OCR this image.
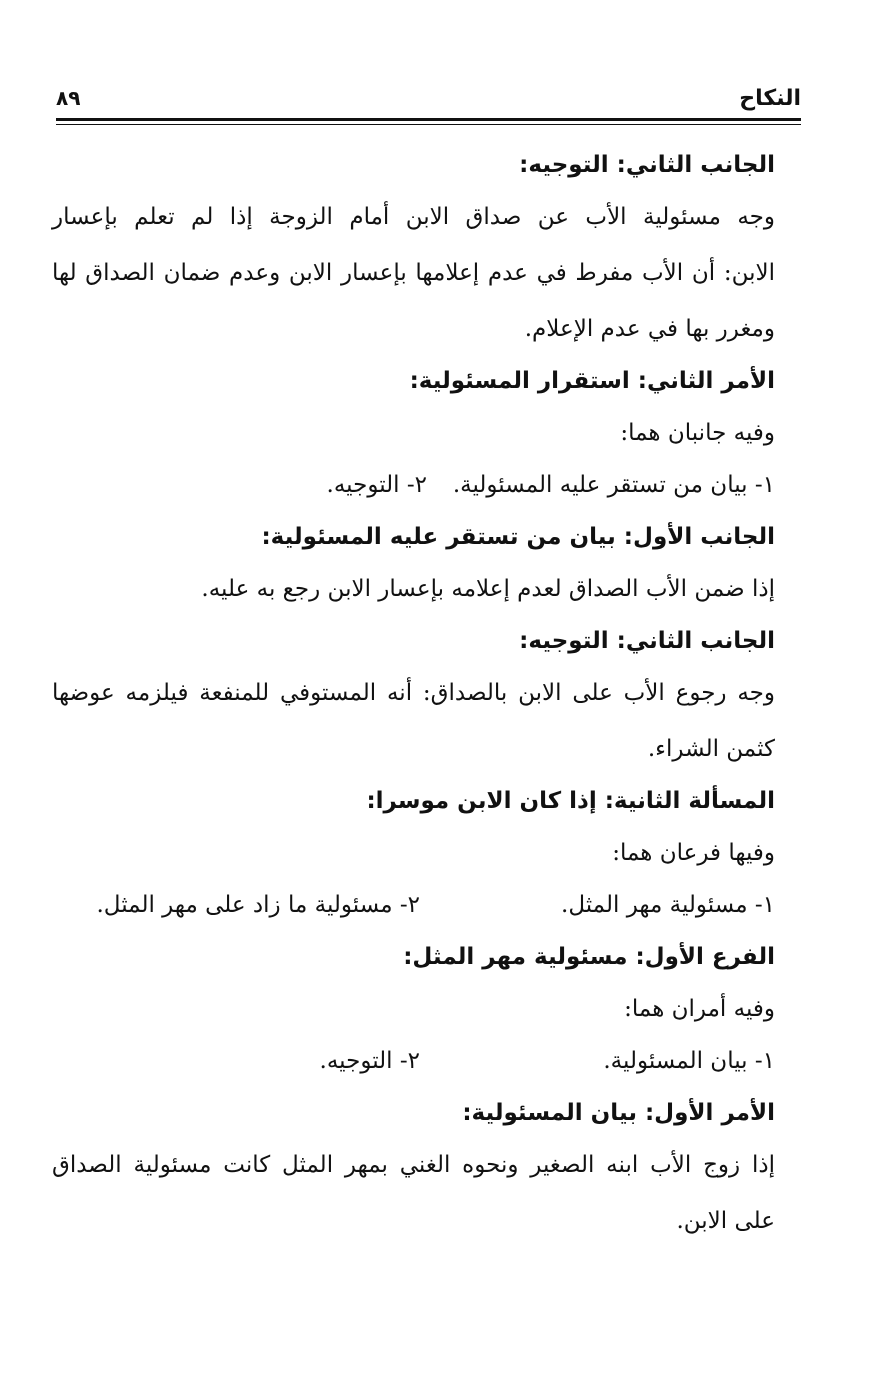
النكاح
٨٩
الجانب الثاني: التوجيه:
وجه مسئولية الأب عن صداق الابن أمام الزوجة إذا لم تعلم بإعسار
الابن: أن الأب مفرط في عدم إعلامها بإعسار الابن وعدم ضمان الصداق لها
ومغرر بها في عدم الإعلام.
الأمر الثاني: استقرار المسئولية:
وفيه جانبان هما:
١- بيان من تستقر عليه المسئولية.
٢- التوجيه.
الجانب الأول: بيان من تستقر عليه المسئولية:
إذا ضمن الأب الصداق لعدم إعلامه بإعسار الابن رجع به عليه.
الجانب الثاني: التوجيه:
وجه رجوع الأب على الابن بالصداق: أنه المستوفي للمنفعة فيلزمه عوضها
كثمن الشراء.
المسألة الثانية: إذا كان الابن موسرا:
وفيها فرعان هما:
١- مسئولية مهر المثل.
٢- مسئولية ما زاد على مهر المثل.
الفرع الأول: مسئولية مهر المثل:
وفيه أمران هما:
١- بيان المسئولية.
٢- التوجيه.
الأمر الأول: بيان المسئولية:
إذا زوج الأب ابنه الصغير ونحوه الغني بمهر المثل كانت مسئولية الصداق
على الابن.
